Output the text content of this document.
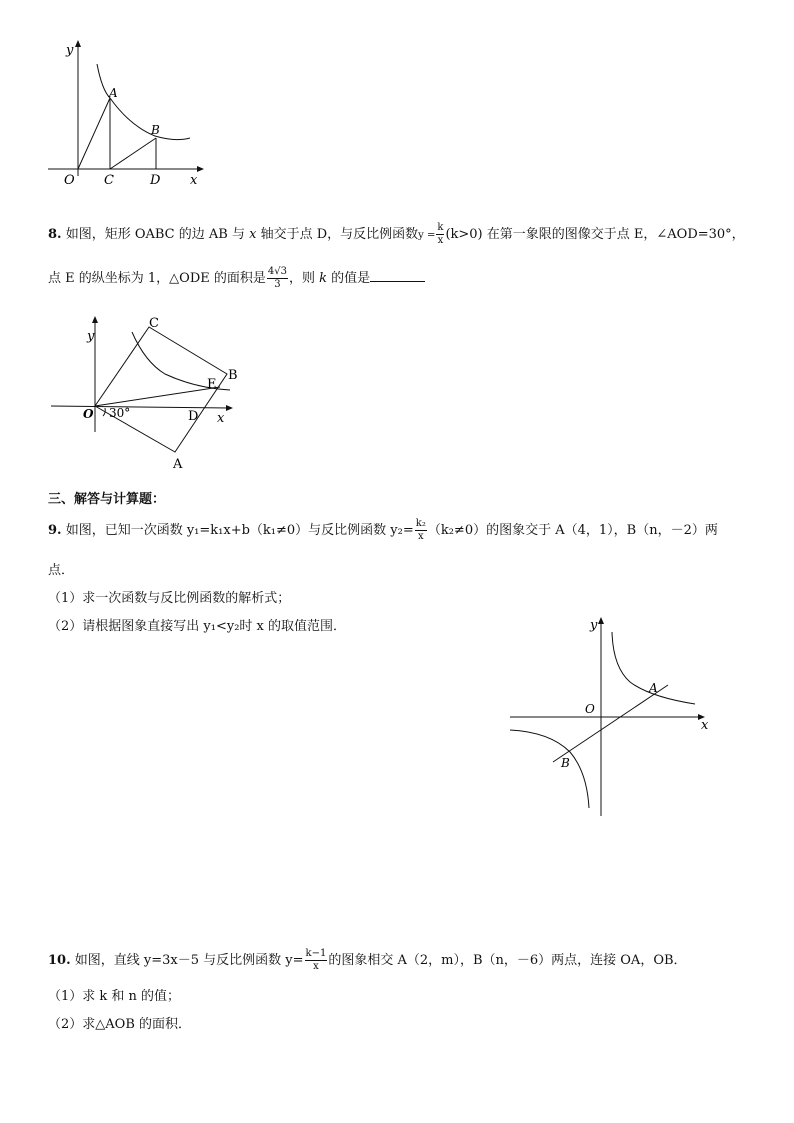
y
x
O
A
B
C	D
8. 如图，矩形 OABC 的边 AB 与 x 轴交于点 D，与反比例函数$y = \frac{k}{x} (k>0)$ 在第一象限的图像交于点 E，∠AOD=30°，
点 E 的纵坐标为 1，△ODE 的面积是 $\frac{4√3}{3}$ ，则 k 的值是
y
x
O 30°
C
B
E
D
A
三、解答与计算题：
9. 如图，已知一次函数 y₁=k₁x+b（k₁≠0）与反比例函数 $y_2= \frac{\text{k₂}}{x} (k_2\ne 0)$的图象交于 A（4，1），B（n，－2）两
点．
（1）求一次函数与反比例函数的解析式；
（2）请根据图象直接写出 y₁<y₂时 x 的取值范围．	y
x
O
A
B
10. 如图，直线 y=3x－5 与反比例函数 $y= \frac{k-1}{x}$ 的图象相交 A（2，m），B（n，－6）两点，连接 OA，OB．
（1）求 k 和 n 的值；
（2）求△AOB 的面积．
